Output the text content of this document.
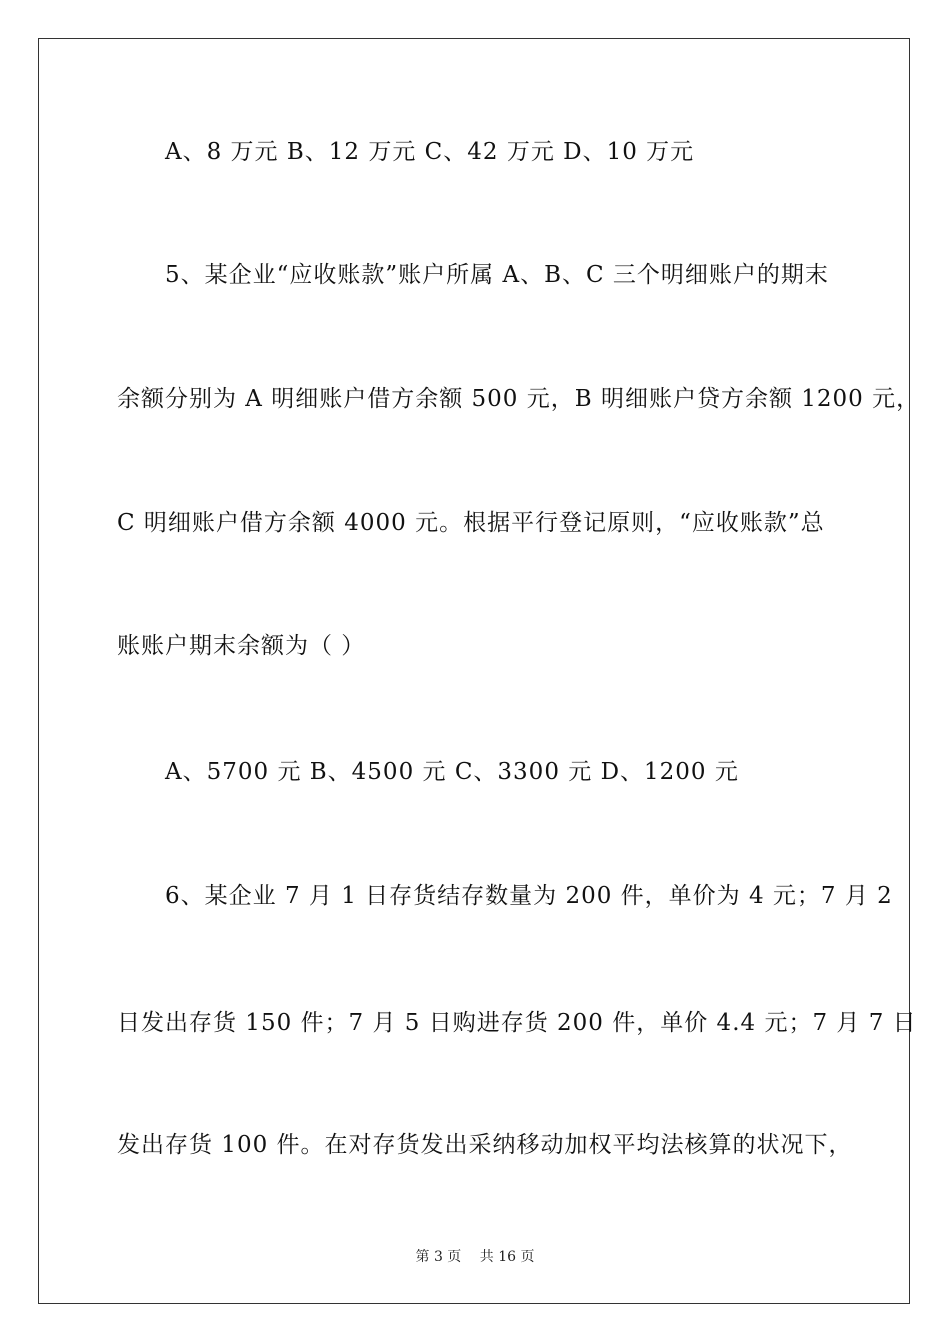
A、8 万元 B、12 万元 C、42 万元 D、10 万元
5、某企业“应收账款”账户所属 A、B、C 三个明细账户的期末
余额分别为 A 明细账户借方余额 500 元，B 明细账户贷方余额 1200 元，
C 明细账户借方余额 4000 元。根据平行登记原则，“应收账款”总
账账户期末余额为（ ）
A、5700 元 B、4500 元 C、3300 元 D、1200 元
6、某企业 7 月 1 日存货结存数量为 200 件，单价为 4 元；7 月 2
日发出存货 150 件；7 月 5 日购进存货 200 件，单价 4.4 元；7 月 7 日
发出存货 100 件。在对存货发出采纳移动加权平均法核算的状况下，
第 3 页　 共 16 页
